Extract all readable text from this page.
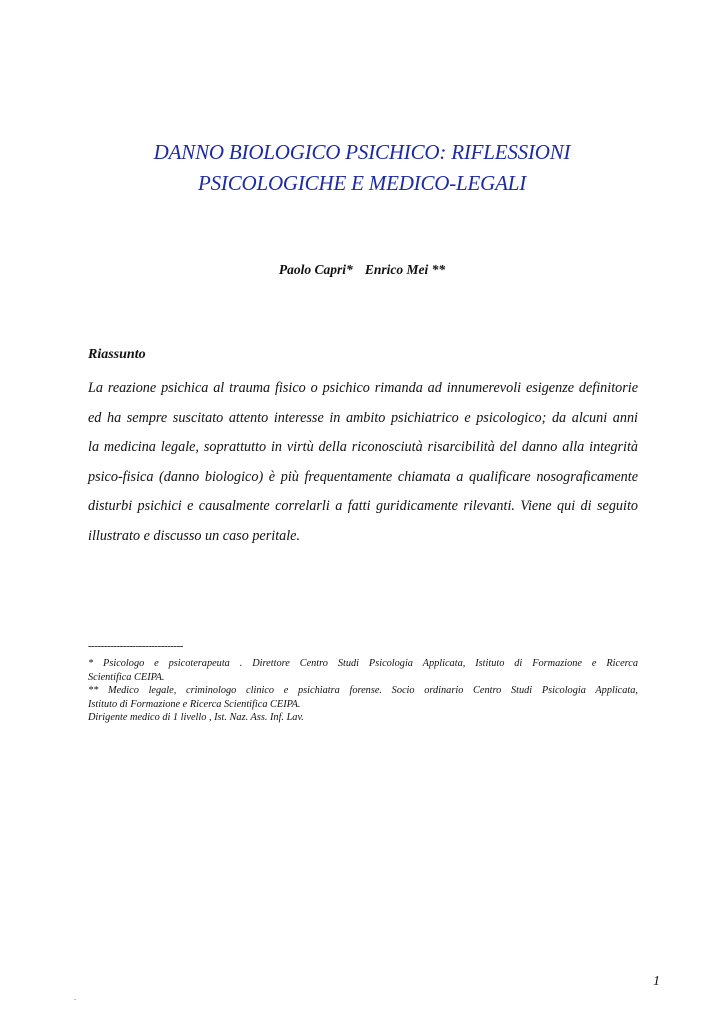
DANNO BIOLOGICO PSICHICO: RIFLESSIONI
PSICOLOGICHE E MEDICO-LEGALI
Paolo Capri* Enrico Mei **
Riassunto
La reazione psichica al trauma fisico o psichico rimanda ad innumerevoli esigenze definitorie
ed ha sempre suscitato attento interesse in ambito psichiatrico e psicologico; da alcuni anni
la medicina legale, soprattutto in virtù della riconosciutà risarcibilità del danno alla integrità
psico-fisica (danno biologico) è più frequentamente chiamata a qualificare nosograficamente
disturbi psichici e causalmente correlarli a fatti guridicamente rilevanti. Viene qui di seguito
illustrato e discusso un caso peritale.
------------------------------
* Psicologo e psicoterapeuta . Direttore Centro Studi Psicologia Applicata, Istituto di Formazione e Ricerca
Scientifica CEIPA.
** Medico legale, criminologo clinico e psichiatra forense. Socio ordinario Centro Studi Psicologia Applicata,
Istituto di Formazione e Ricerca Scientifica CEIPA.
Dirigente medico di 1 livello , Ist. Naz. Ass. Inf. Lav.
1
.
